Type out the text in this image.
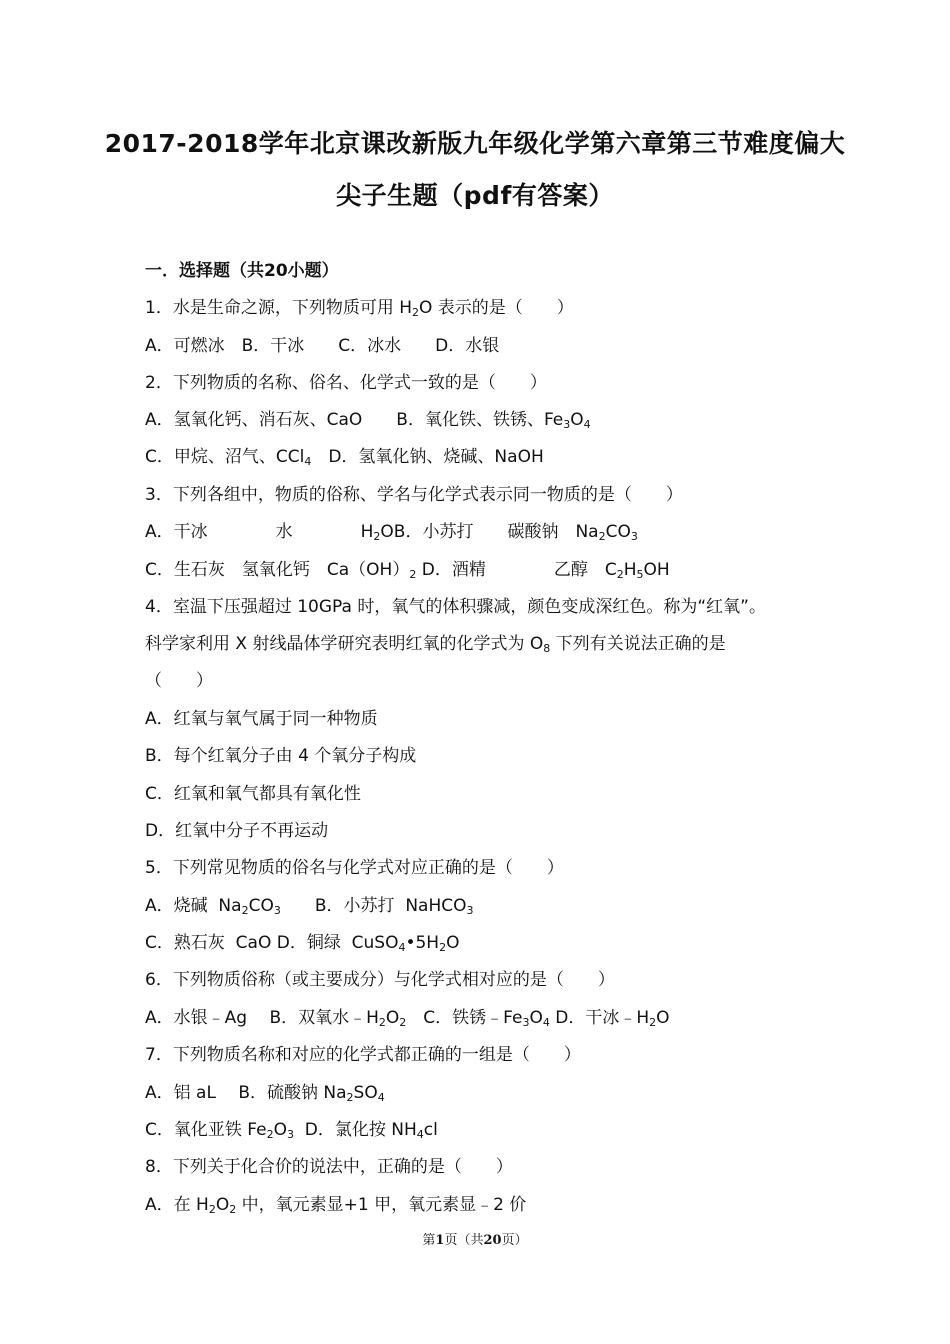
2017-2018学年北京课改新版九年级化学第六章第三节难度偏大
尖子生题（pdf有答案）
一．选择题（共20小题）
1．水是生命之源，下列物质可用 $H_2O$ 表示的是（　　）
A．可燃冰　B．干冰　　C．冰水　　D．水银
2．下列物质的名称、俗名、化学式一致的是（　　）
A．氢氧化钙、消石灰、CaO　　B．氧化铁、铁锈、$Fe_3O_4$
C．甲烷、沼气、CCl$_4$　D．氢氧化钠、烧碱、NaOH
3．下列各组中，物质的俗称、学名与化学式表示同一物质的是（　　）
A．干冰　　　　水　　　　$H_2OB$．小苏打　　碳酸钠　$Na_2CO_3$
C．生石灰　氢氧化钙　$Ca(OH)_2$ D．酒精　　　　乙醇　$C_2H_5OH$
4．室温下压强超过 10GPa 时，氧气的体积骤减，颜色变成深红色。称为“红氧”。
科学家利用 X 射线晶体学研究表明红氧的化学式为 $O_8$ 下列有关说法正确的是
（　　）
A．红氧与氧气属于同一种物质
B．每个红氧分子由 4 个氧分子构成
C．红氧和氧气都具有氧化性
D．红氧中分子不再运动
5．下列常见物质的俗名与化学式对应正确的是（　　）
A．烧碱  $Na_2CO_3$　　B．小苏打  NaHCO$_3$
C．熟石灰  CaO D．铜绿  $CuSO_4•5H_2O$
6．下列物质俗称（或主要成分）与化学式相对应的是（　　）
A．水银﹣Ag　 B．双氧水$﹣H_2O_2$　C．铁锈$﹣Fe_3O_4$ D．干冰$﹣H_2O$
7．下列物质名称和对应的化学式都正确的一组是（　　）
A．铝 aL　 B．硫酸钠 $Na_2SO_4$
C．氧化亚铁 $Fe_2O_3$  D．氯化按 $NH_4cl$
8．下列关于化合价的说法中，正确的是（　　）
A．在 $H_2O_2$ 中，氧元素显+1 甲，氧元素显﹣2 价
第1页（共20页）
